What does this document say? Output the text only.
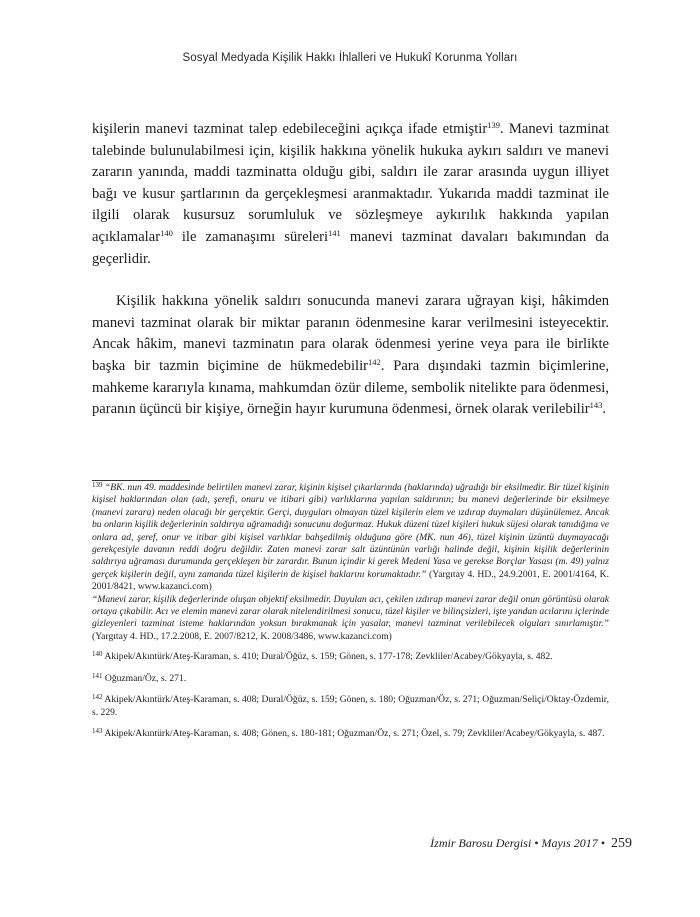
Sosyal Medyada Kişilik Hakkı İhlalleri ve Hukukî Korunma Yolları

kişilerin manevi tazminat talep edebileceğini açıkça ifade etmiştir$^{139}$. Manevi tazminat talebinde bulunulabilmesi için, kişilik hakkına yönelik hukuka aykırı saldırı ve manevi zararın yanında, maddi tazminatta olduğu gibi, saldırı ile zarar arasında uygun illiyet bağı ve kusur şartlarının da gerçekleşmesi aranmaktadır. Yukarıda maddi tazminat ile ilgili olarak kusursuz sorumluluk ve sözleşmeye aykırılık hakkında yapılan açıklamalar$^{140}$ ile zamanaşımı süreleri$^{141}$ manevi tazminat davaları bakımından da geçerlidir.

Kişilik hakkına yönelik saldırı sonucunda manevi zarara uğrayan kişi, hâkimden manevi tazminat olarak bir miktar paranın ödenmesine karar verilmesini isteyecektir. Ancak hâkim, manevi tazminatın para olarak ödenmesi yerine veya para ile birlikte başka bir tazmin biçimine de hükmedebilir$^{142}$. Para dışındaki tazmin biçimlerine, mahkeme kararıyla kınama, mahkumdan özür dileme, sembolik nitelikte para ödenmesi, paranın üçüncü bir kişiye, örneğin hayır kurumuna ödenmesi, örnek olarak verilebilir$^{143}$.

$^{139}$ “BK. nun 49. maddesinde belirtilen manevi zarar, kişinin kişisel çıkarlarında (haklarında) uğradığı bir eksilmedir. Bir tüzel kişinin kişisel haklarından olan (adı, şerefi, onuru ve itibari gibi) varlıklarına yapılan saldırının; bu manevi değerlerinde bir eksilmeye (manevi zarara) neden olacağı bir gerçektir. Gerçi, duyguları olmayan tüzel kişilerin elem ve ızdırap duymaları düşünülemez. Ancak bu onların kişilik değerlerinin saldırıya uğramadığı sonucunu doğurmaz. Hukuk düzeni tüzel kişileri hukuk süjesi olarak tanıdığına ve onlara ad, şeref, onur ve itibar gibi kişisel varlıklar bahşedilmiş olduğuna göre (MK. nun 46), tüzel kişinin üzüntü duymayacağı gerekçesiyle davanın reddi doğru değildir. Zaten manevi zarar salt üzüntünün varlığı halinde değil, kişinin kişilik değerlerinin saldırıya uğraması durumunda gerçekleşen bir zarardır. Bunun içindir ki gerek Medeni Yasa ve gerekse Borçlar Yasası (m. 49) yalnız gerçek kişilerin değil, aynı zamanda tüzel kişilerin de kişisel haklarını korumaktadır.” (Yargıtay 4. HD., 24.9.2001, E. 2001/4164, K. 2001/8421, www.kazanci.com)
“Manevi zarar, kişilik değerlerinde oluşan objektif eksilmedir. Duyulan acı, çekilen ızdırap manevi zarar değil onun görüntüsü olarak ortaya çıkabilir. Acı ve elemin manevi zarar olarak nitelendirilmesi sonucu, tüzel kişiler ve bilinçsizleri, işte yandan acılarını içlerinde gizleyenleri tazminat isteme haklarından yoksun bırakmanak için yasalar, manevi tazminat verilebilecek olguları sınırlamıştır.” (Yargıtay 4. HD., 17.2.2008, E. 2007/8212, K. 2008/3486, www.kazanci.com)

$^{140}$ Akipek/Akıntürk/Ateş-Karaman, s. 410; Dural/Öğüz, s. 159; Gönen, s. 177-178; Zevkliler/Acabey/Gökyayla, s. 482.

$^{141}$ Oğuzman/Öz, s. 271.

$^{142}$ Akipek/Akıntürk/Ateş-Karaman, s. 408; Dural/Öğüz, s. 159; Gönen, s. 180; Oğuzman/Öz, s. 271; Oğuzman/Seliçi/Oktay-Özdemir, s. 229.

$^{143}$ Akipek/Akıntürk/Ateş-Karaman, s. 408; Gönen, s. 180-181; Oğuzman/Öz, s. 271; Özel, s. 79; Zevkliler/Acabey/Gökyayla, s. 487.

İzmir Barosu Dergisi • Mayıs 2017 • 259
